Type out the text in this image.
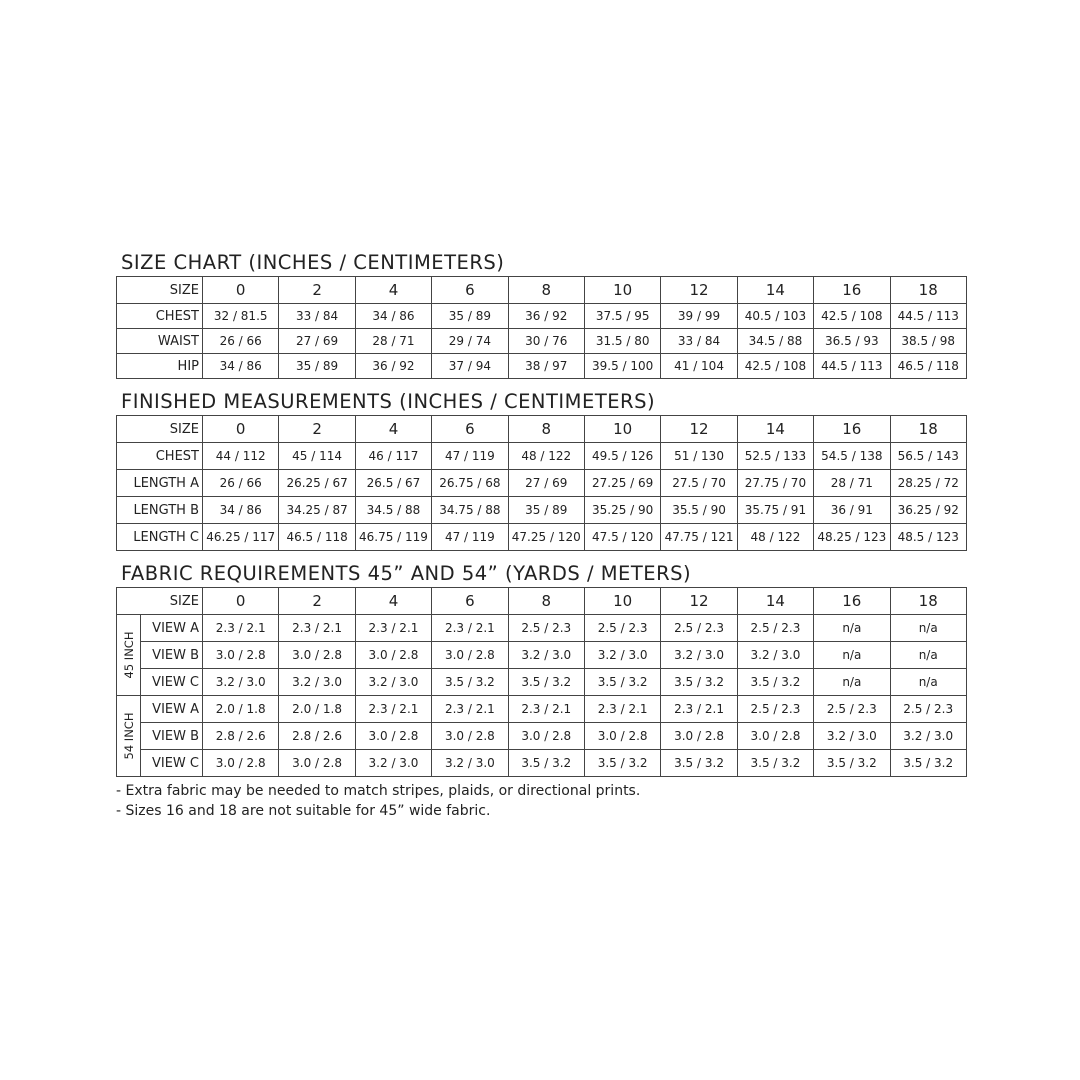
SIZE CHART (INCHES / CENTIMETERS)
SIZE	0	2	4	6	8	10	12	14	16	18
CHEST	32 / 81.5	33 / 84	34 / 86	35 / 89	36 / 92	37.5 / 95	39 / 99	40.5 / 103	42.5 / 108	44.5 / 113
WAIST	26 / 66	27 / 69	28 / 71	29 / 74	30 / 76	31.5 / 80	33 / 84	34.5 / 88	36.5 / 93	38.5 / 98
HIP	34 / 86	35 / 89	36 / 92	37 / 94	38 / 97	39.5 / 100	41 / 104	42.5 / 108	44.5 / 113	46.5 / 118
FINISHED MEASUREMENTS (INCHES / CENTIMETERS)
SIZE	0	2	4	6	8	10	12	14	16	18
CHEST	44 / 112	45 / 114	46 / 117	47 / 119	48 / 122	49.5 / 126	51 / 130	52.5 / 133	54.5 / 138	56.5 / 143
LENGTH A	26 / 66	26.25 / 67	26.5 / 67	26.75 / 68	27 / 69	27.25 / 69	27.5 / 70	27.75 / 70	28 / 71	28.25 / 72
LENGTH B	34 / 86	34.25 / 87	34.5 / 88	34.75 / 88	35 / 89	35.25 / 90	35.5 / 90	35.75 / 91	36 / 91	36.25 / 92
LENGTH C	46.25 / 117	46.5 / 118	46.75 / 119	47 / 119	47.25 / 120	47.5 / 120	47.75 / 121	48 / 122	48.25 / 123	48.5 / 123
FABRIC REQUIREMENTS 45” AND 54” (YARDS / METERS)
SIZE		0	2	4	6	8	10	12	14	16	18

45 INCH	VIEW A	2.3 / 2.1	2.3 / 2.1	2.3 / 2.1	2.3 / 2.1	2.5 / 2.3	2.5 / 2.3	2.5 / 2.3	2.5 / 2.3	n/a	n/a
	VIEW B	3.0 / 2.8	3.0 / 2.8	3.0 / 2.8	3.0 / 2.8	3.2 / 3.0	3.2 / 3.0	3.2 / 3.0	3.2 / 3.0	n/a	n/a
	VIEW C	3.2 / 3.0	3.2 / 3.0	3.2 / 3.0	3.5 / 3.2	3.5 / 3.2	3.5 / 3.2	3.5 / 3.2	3.5 / 3.2	n/a	n/a

54 INCH	VIEW A	2.0 / 1.8	2.0 / 1.8	2.3 / 2.1	2.3 / 2.1	2.3 / 2.1	2.3 / 2.1	2.3 / 2.1	2.5 / 2.3	2.5 / 2.3	2.5 / 2.3
	VIEW B	2.8 / 2.6	2.8 / 2.6	3.0 / 2.8	3.0 / 2.8	3.0 / 2.8	3.0 / 2.8	3.0 / 2.8	3.0 / 2.8	3.2 / 3.0	3.2 / 3.0
	VIEW C	3.0 / 2.8	3.0 / 2.8	3.2 / 3.0	3.2 / 3.0	3.5 / 3.2	3.5 / 3.2	3.5 / 3.2	3.5 / 3.2	3.5 / 3.2	3.5 / 3.2
- Extra fabric may be needed to match stripes, plaids, or directional prints.
- Sizes 16 and 18 are not suitable for 45” wide fabric.
